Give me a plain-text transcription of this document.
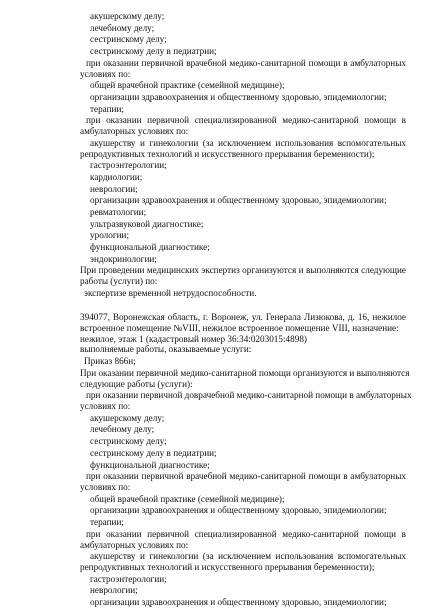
акушерскому делу;

лечебному делу;

сестринскому делу;

сестринскому делу в педиатрии;

при оказании первичной врачебной медико-санитарной помощи в амбулаторных

условиях по:

общей врачебной практике (семейной медицине);

организации здравоохранения и общественному здоровью, эпидемиологии;

терапии;

при оказании первичной специализированной медико-санитарной помощи в

амбулаторных условиях по:

акушерству и гинекологии (за исключением использования вспомогательных

репродуктивных технологий и искусственного прерывания беременности);

гастроэнтерологии;

кардиологии;

неврологии;

организации здравоохранения и общественному здоровью, эпидемиологии;

ревматологии;

ультразвуковой диагностике;

урологии;

функциональной диагностике;

эндокринологии;

При проведении медицинских экспертиз организуются и выполняются следующие

работы (услуги) по:

экспертизе временной нетрудоспособности.

394077, Воронежская область, г. Воронеж, ул. Генерала Лизюкова, д. 16, нежилое

встроенное помещение №VIII, нежилое встроенное помещение VIII, назначение:

нежилое, этаж 1 (кадастровый номер 36:34:0203015:4898)

выполняемые работы, оказываемые услуги:

Приказ 866н;

При оказании первичной медико-санитарной помощи организуются и выполняются

следующие работы (услуги):

при оказании первичной доврачебной медико-санитарной помощи в амбулаторных

условиях по:

акушерскому делу;

лечебному делу;

сестринскому делу;

сестринскому делу в педиатрии;

функциональной диагностике;

при оказании первичной врачебной медико-санитарной помощи в амбулаторных

условиях по:

общей врачебной практике (семейной медицине);

организации здравоохранения и общественному здоровью, эпидемиологии;

терапии;

при оказании первичной специализированной медико-санитарной помощи в

амбулаторных условиях по:

акушерству и гинекологии (за исключением использования вспомогательных

репродуктивных технологий и искусственного прерывания беременности);

гастроэнтерологии;

неврологии;

организации здравоохранения и общественному здоровью, эпидемиологии;
